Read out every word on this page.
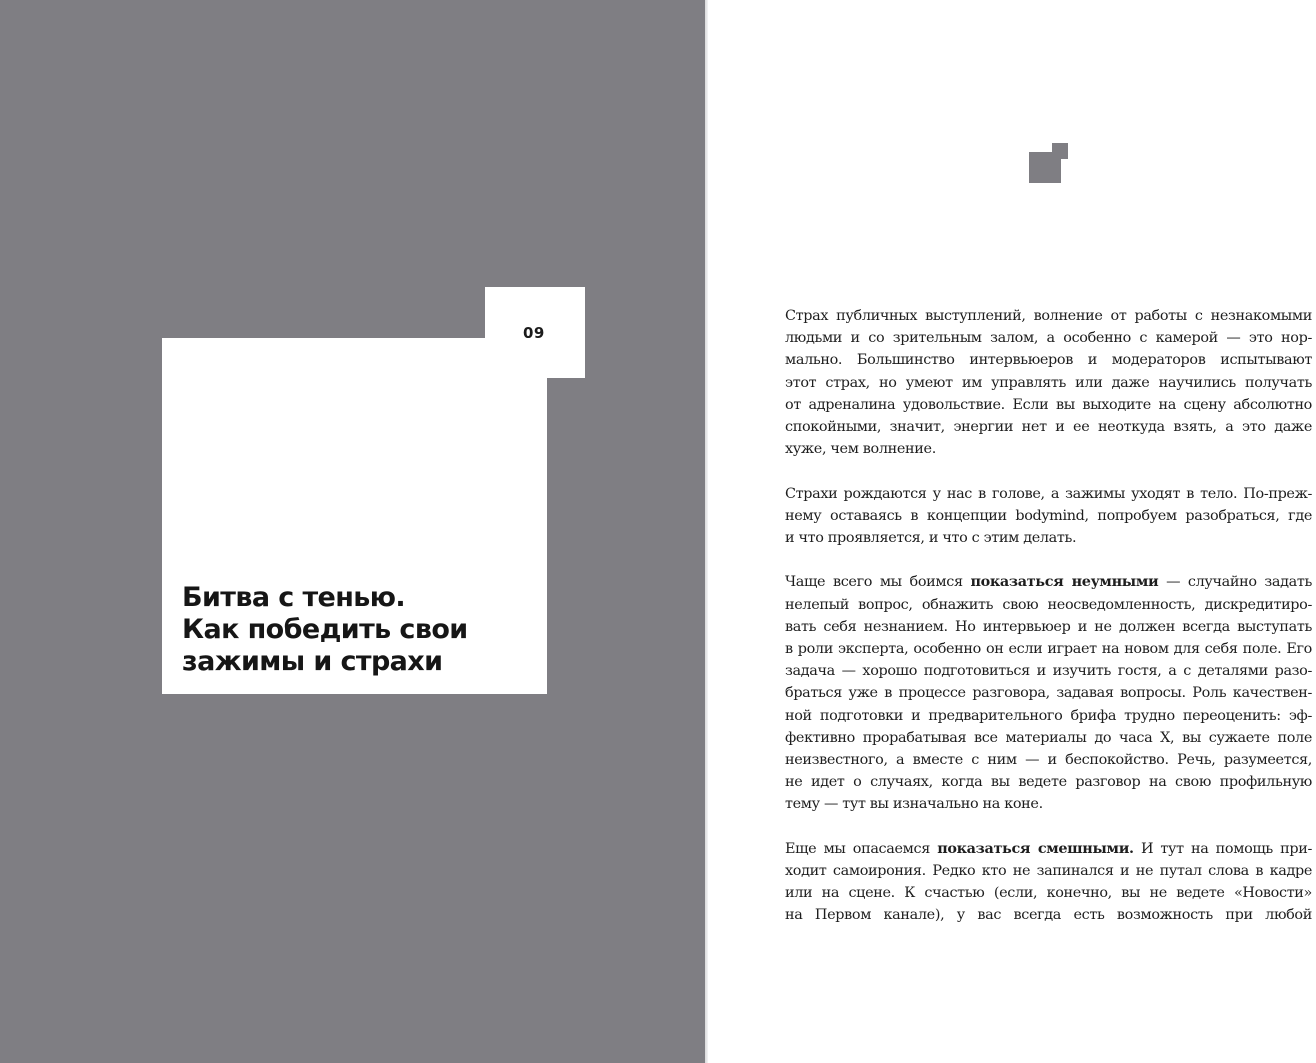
09
Битва с тенью.
Как победить свои
зажимы и страхи
Страх публичных выступлений, волнение от работы с незнакомыми
людьми и со зрительным залом, а особенно с камерой — это нор-
мально. Большинство интервьюеров и модераторов испытывают
этот страх, но умеют им управлять или даже научились получать
от адреналина удовольствие. Если вы выходите на сцену абсолютно
спокойными, значит, энергии нет и ее неоткуда взять, а это даже
хуже, чем волнение.
Страхи рождаются у нас в голове, а зажимы уходят в тело. По-преж-
нему оставаясь в концепции bodymind, попробуем разобраться, где
и что проявляется, и что с этим делать.
Чаще всего мы боимся показаться неумными — случайно задать
нелепый вопрос, обнажить свою неосведомленность, дискредитиро-
вать себя незнанием. Но интервьюер и не должен всегда выступать
в роли эксперта, особенно он если играет на новом для себя поле. Его
задача — хорошо подготовиться и изучить гостя, а с деталями разо-
браться уже в процессе разговора, задавая вопросы. Роль качествен-
ной подготовки и предварительного брифа трудно переоценить: эф-
фективно прорабатывая все материалы до часа X, вы сужаете поле
неизвестного, а вместе с ним — и беспокойство. Речь, разумеется,
не идет о случаях, когда вы ведете разговор на свою профильную
тему — тут вы изначально на коне.
Еще мы опасаемся показаться смешными. И тут на помощь при-
ходит самоирония. Редко кто не запинался и не путал слова в кадре
или на сцене. К счастью (если, конечно, вы не ведете «Новости»
на Первом канале), у вас всегда есть возможность при любой
